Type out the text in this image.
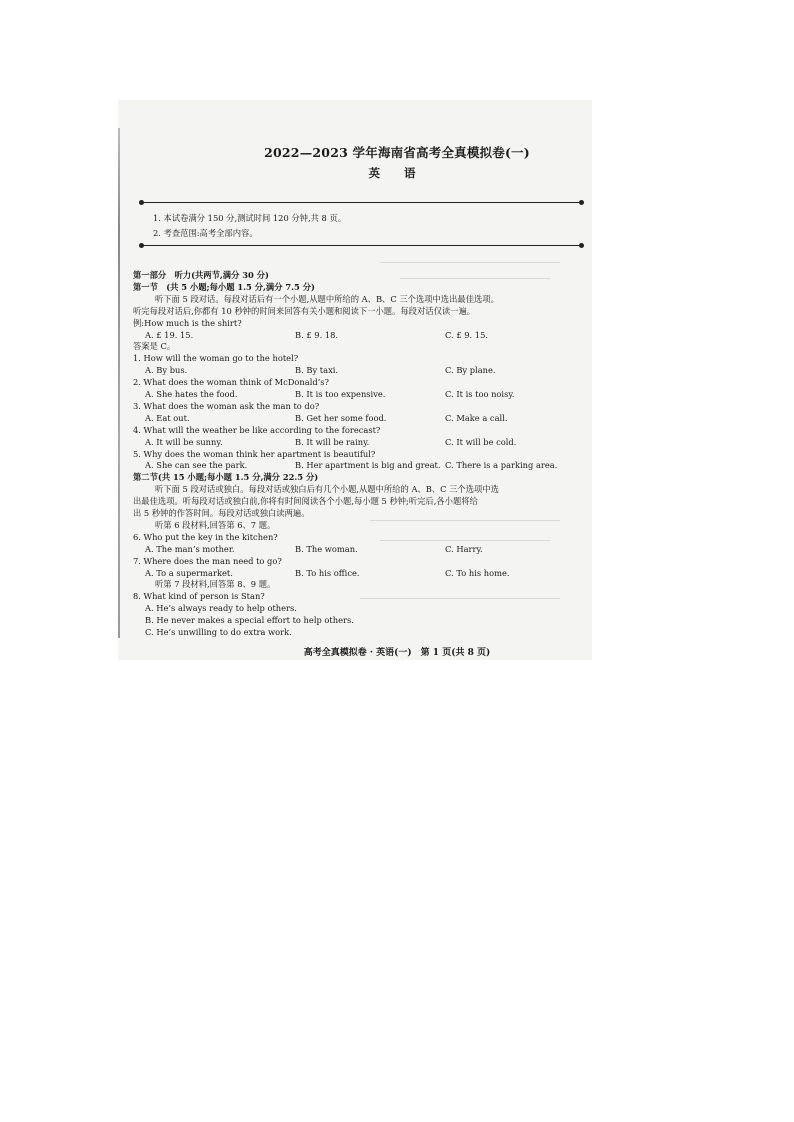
2022—2023 学年海南省高考全真模拟卷(一)
英 语
1. 本试卷满分 150 分,测试时间 120 分钟,共 8 页。
2. 考查范围:高考全部内容。
第一部分　听力(共两节,满分 30 分)
第一节　(共 5 小题;每小题 1.5 分,满分 7.5 分)
听下面 5 段对话。每段对话后有一个小题,从题中所给的 A、B、C 三个选项中选出最佳选项。
听完每段对话后,你都有 10 秒钟的时间来回答有关小题和阅读下一小题。每段对话仅读一遍。
例:How much is the shirt?
A. £ 19. 15.	B. £ 9. 18.	C. £ 9. 15.
答案是 C。
1. How will the woman go to the hotel?
A. By bus.	B. By taxi.	C. By plane.
2. What does the woman think of McDonald’s?
A. She hates the food.	B. It is too expensive.	C. It is too noisy.
3. What does the woman ask the man to do?
A. Eat out.	B. Get her some food.	C. Make a call.
4. What will the weather be like according to the forecast?
A. It will be sunny.	B. It will be rainy.	C. It will be cold.
5. Why does the woman think her apartment is beautiful?
A. She can see the park.	B. Her apartment is big and great. C. There is a parking area.
第二节(共 15 小题;每小题 1.5 分,满分 22.5 分)
听下面 5 段对话或独白。每段对话或独白后有几个小题,从题中所给的 A、B、C 三个选项中选
出最佳选项。听每段对话或独白前,你将有时间阅读各个小题,每小题 5 秒钟;听完后,各小题将给
出 5 秒钟的作答时间。每段对话或独白读两遍。
听第 6 段材料,回答第 6、7 题。
6. Who put the key in the kitchen?
A. The man’s mother.	B. The woman.	C. Harry.
7. Where does the man need to go?
A. To a supermarket.	B. To his office.	C. To his home.
听第 7 段材料,回答第 8、9 题。
8. What kind of person is Stan?
A. He’s always ready to help others.
B. He never makes a special effort to help others.
C. He’s unwilling to do extra work.
高考全真模拟卷 · 英语(一)　第 1 页(共 8 页)
